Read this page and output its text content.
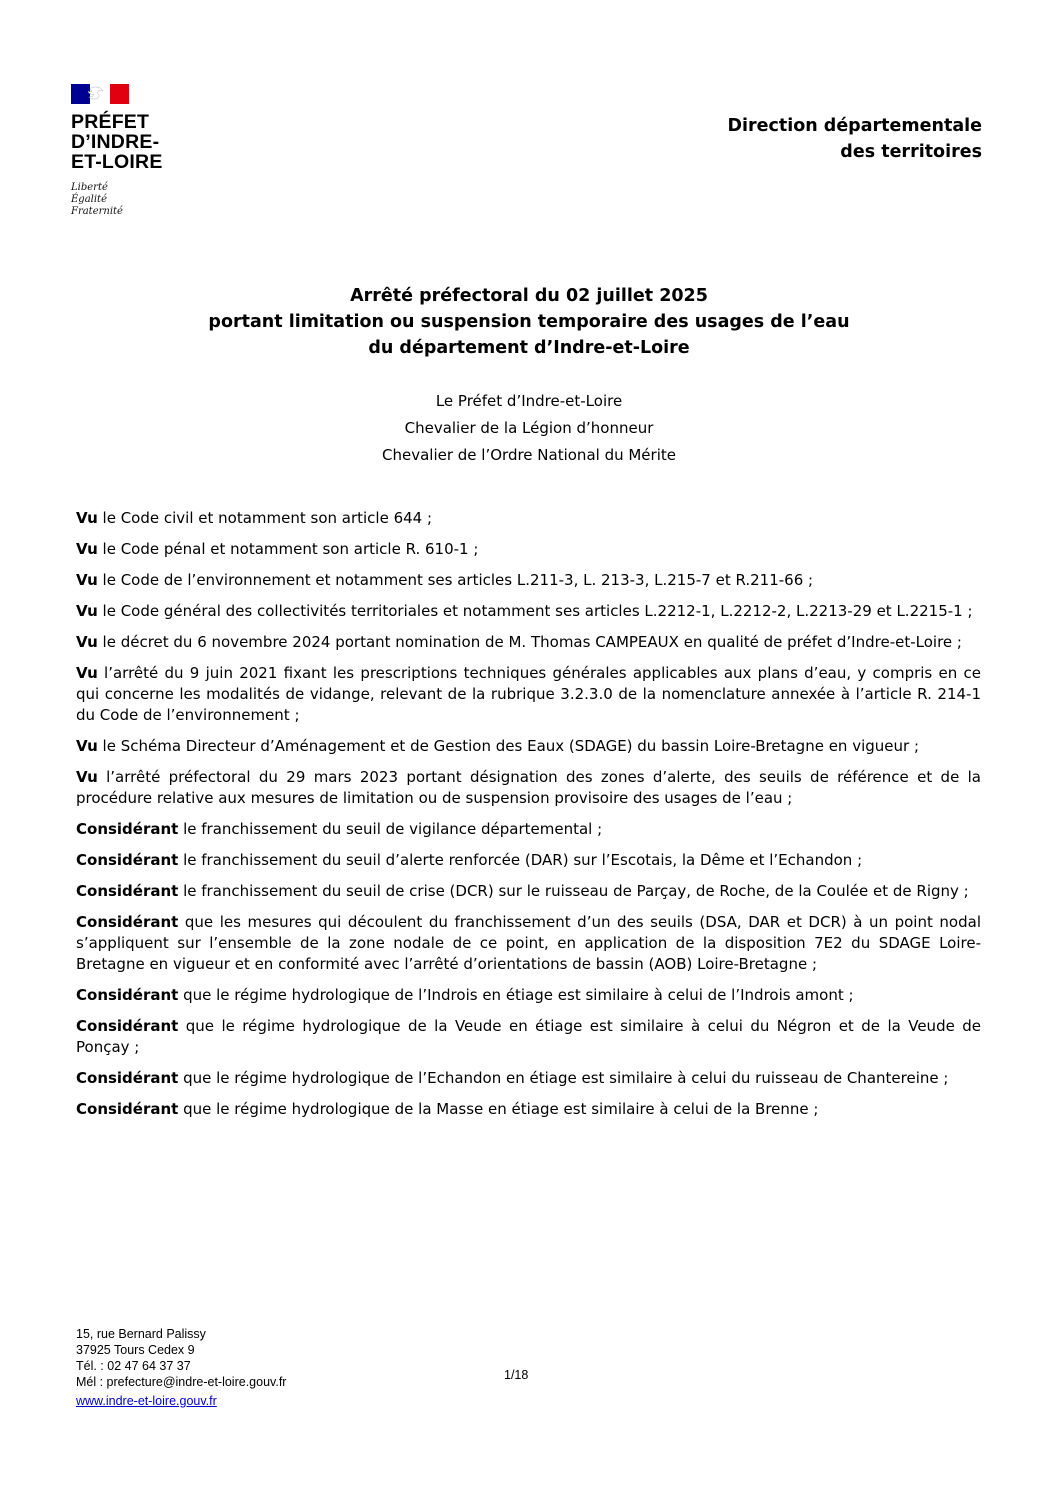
PRÉFET
D’INDRE-
ET-LOIRE
Liberté
Égalité
Fraternité
Direction départementale
des territoires
Arrêté préfectoral du 02 juillet 2025
portant limitation ou suspension temporaire des usages de l’eau
du département d’Indre-et-Loire
Le Préfet d’Indre-et-Loire
Chevalier de la Légion d’honneur
Chevalier de l’Ordre National du Mérite

Vu le Code civil et notamment son article 644 ;

Vu le Code pénal et notamment son article R. 610-1 ;

Vu le Code de l’environnement et notamment ses articles L.211-3, L. 213-3, L.215-7 et R.211-66 ;

Vu le Code général des collectivités territoriales et notamment ses articles L.2212-1, L.2212-2, L.2213-29 et L.2215-1 ;

Vu le décret du 6 novembre 2024 portant nomination de M. Thomas CAMPEAUX en qualité de préfet d’Indre-et-Loire ;

Vu l’arrêté du 9 juin 2021 fixant les prescriptions techniques générales applicables aux plans d’eau, y compris en ce qui concerne les modalités de vidange, relevant de la rubrique 3.2.3.0 de la nomenclature annexée à l’article R. 214-1 du Code de l’environnement ;

Vu le Schéma Directeur d’Aménagement et de Gestion des Eaux (SDAGE) du bassin Loire-Bretagne en vigueur ;

Vu l’arrêté préfectoral du 29 mars 2023 portant désignation des zones d’alerte, des seuils de référence et de la procédure relative aux mesures de limitation ou de suspension provisoire des usages de l’eau ;

Considérant le franchissement du seuil de vigilance départemental ;

Considérant le franchissement du seuil d’alerte renforcée (DAR) sur l’Escotais, la Dême et l’Echandon ;

Considérant le franchissement du seuil de crise (DCR) sur le ruisseau de Parçay, de Roche, de la Coulée et de Rigny ;

Considérant que les mesures qui découlent du franchissement d’un des seuils (DSA, DAR et DCR) à un point nodal s’appliquent sur l’ensemble de la zone nodale de ce point, en application de la disposition 7E2 du SDAGE Loire-Bretagne en vigueur et en conformité avec l’arrêté d’orientations de bassin (AOB) Loire-Bretagne ;

Considérant que le régime hydrologique de l’Indrois en étiage est similaire à celui de l’Indrois amont ;

Considérant que le régime hydrologique de la Veude en étiage est similaire à celui du Négron et de la Veude de Ponçay ;

Considérant que le régime hydrologique de l’Echandon en étiage est similaire à celui du ruisseau de Chantereine ;

Considérant que le régime hydrologique de la Masse en étiage est similaire à celui de la Brenne ;

15, rue Bernard Palissy
37925 Tours Cedex 9
Tél. : 02 47 64 37 37
Mél : prefecture@indre-et-loire.gouv.fr
www.indre-et-loire.gouv.fr
1/18
